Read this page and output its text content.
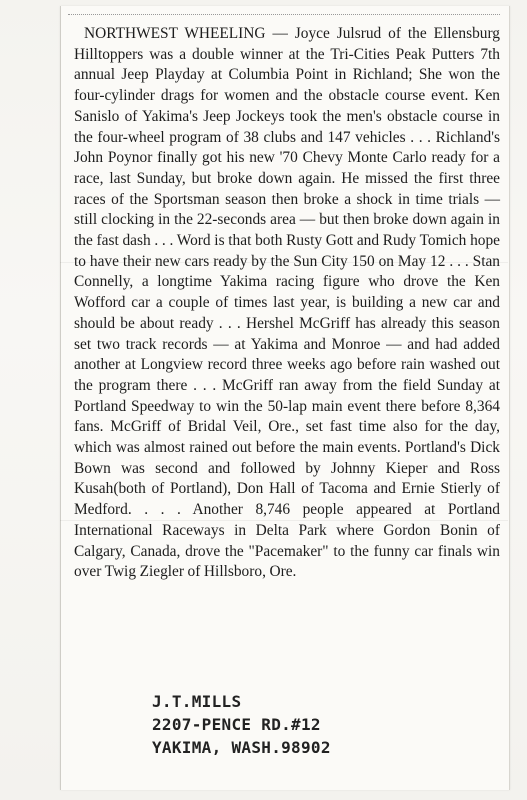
NORTHWEST WHEELING — Joyce Julsrud of the Ellensburg Hilltoppers was a double winner at the Tri-Cities Peak Putters 7th annual Jeep Playday at Columbia Point in Richland; She won the four-cylinder drags for women and the obstacle course event. Ken Sanislo of Yakima's Jeep Jockeys took the men's obstacle course in the four-wheel program of 38 clubs and 147 vehicles . . . Richland's John Poynor finally got his new '70 Chevy Monte Carlo ready for a race, last Sunday, but broke down again. He missed the first three races of the Sportsman season then broke a shock in time trials — still clocking in the 22-seconds area — but then broke down again in the fast dash . . . Word is that both Rusty Gott and Rudy Tomich hope to have their new cars ready by the Sun City 150 on May 12 . . . Stan Connelly, a longtime Yakima racing figure who drove the Ken Wofford car a couple of times last year, is building a new car and should be about ready . . . Hershel McGriff has already this season set two track records — at Yakima and Monroe — and had added another at Longview record three weeks ago before rain washed out the program there . . . McGriff ran away from the field Sunday at Portland Speedway to win the 50-lap main event there before 8,364 fans. McGriff of Bridal Veil, Ore., set fast time also for the day, which was almost rained out before the main events. Portland's Dick Bown was second and followed by Johnny Kieper and Ross Kusah(both of Portland), Don Hall of Tacoma and Ernie Stierly of Medford. . . . Another 8,746 people appeared at Portland International Raceways in Delta Park where Gordon Bonin of Calgary, Canada, drove the "Pacemaker" to the funny car finals win over Twig Ziegler of Hillsboro, Ore.

J.T.MILLS
2207-PENCE RD.#12
YAKIMA, WASH.98902
